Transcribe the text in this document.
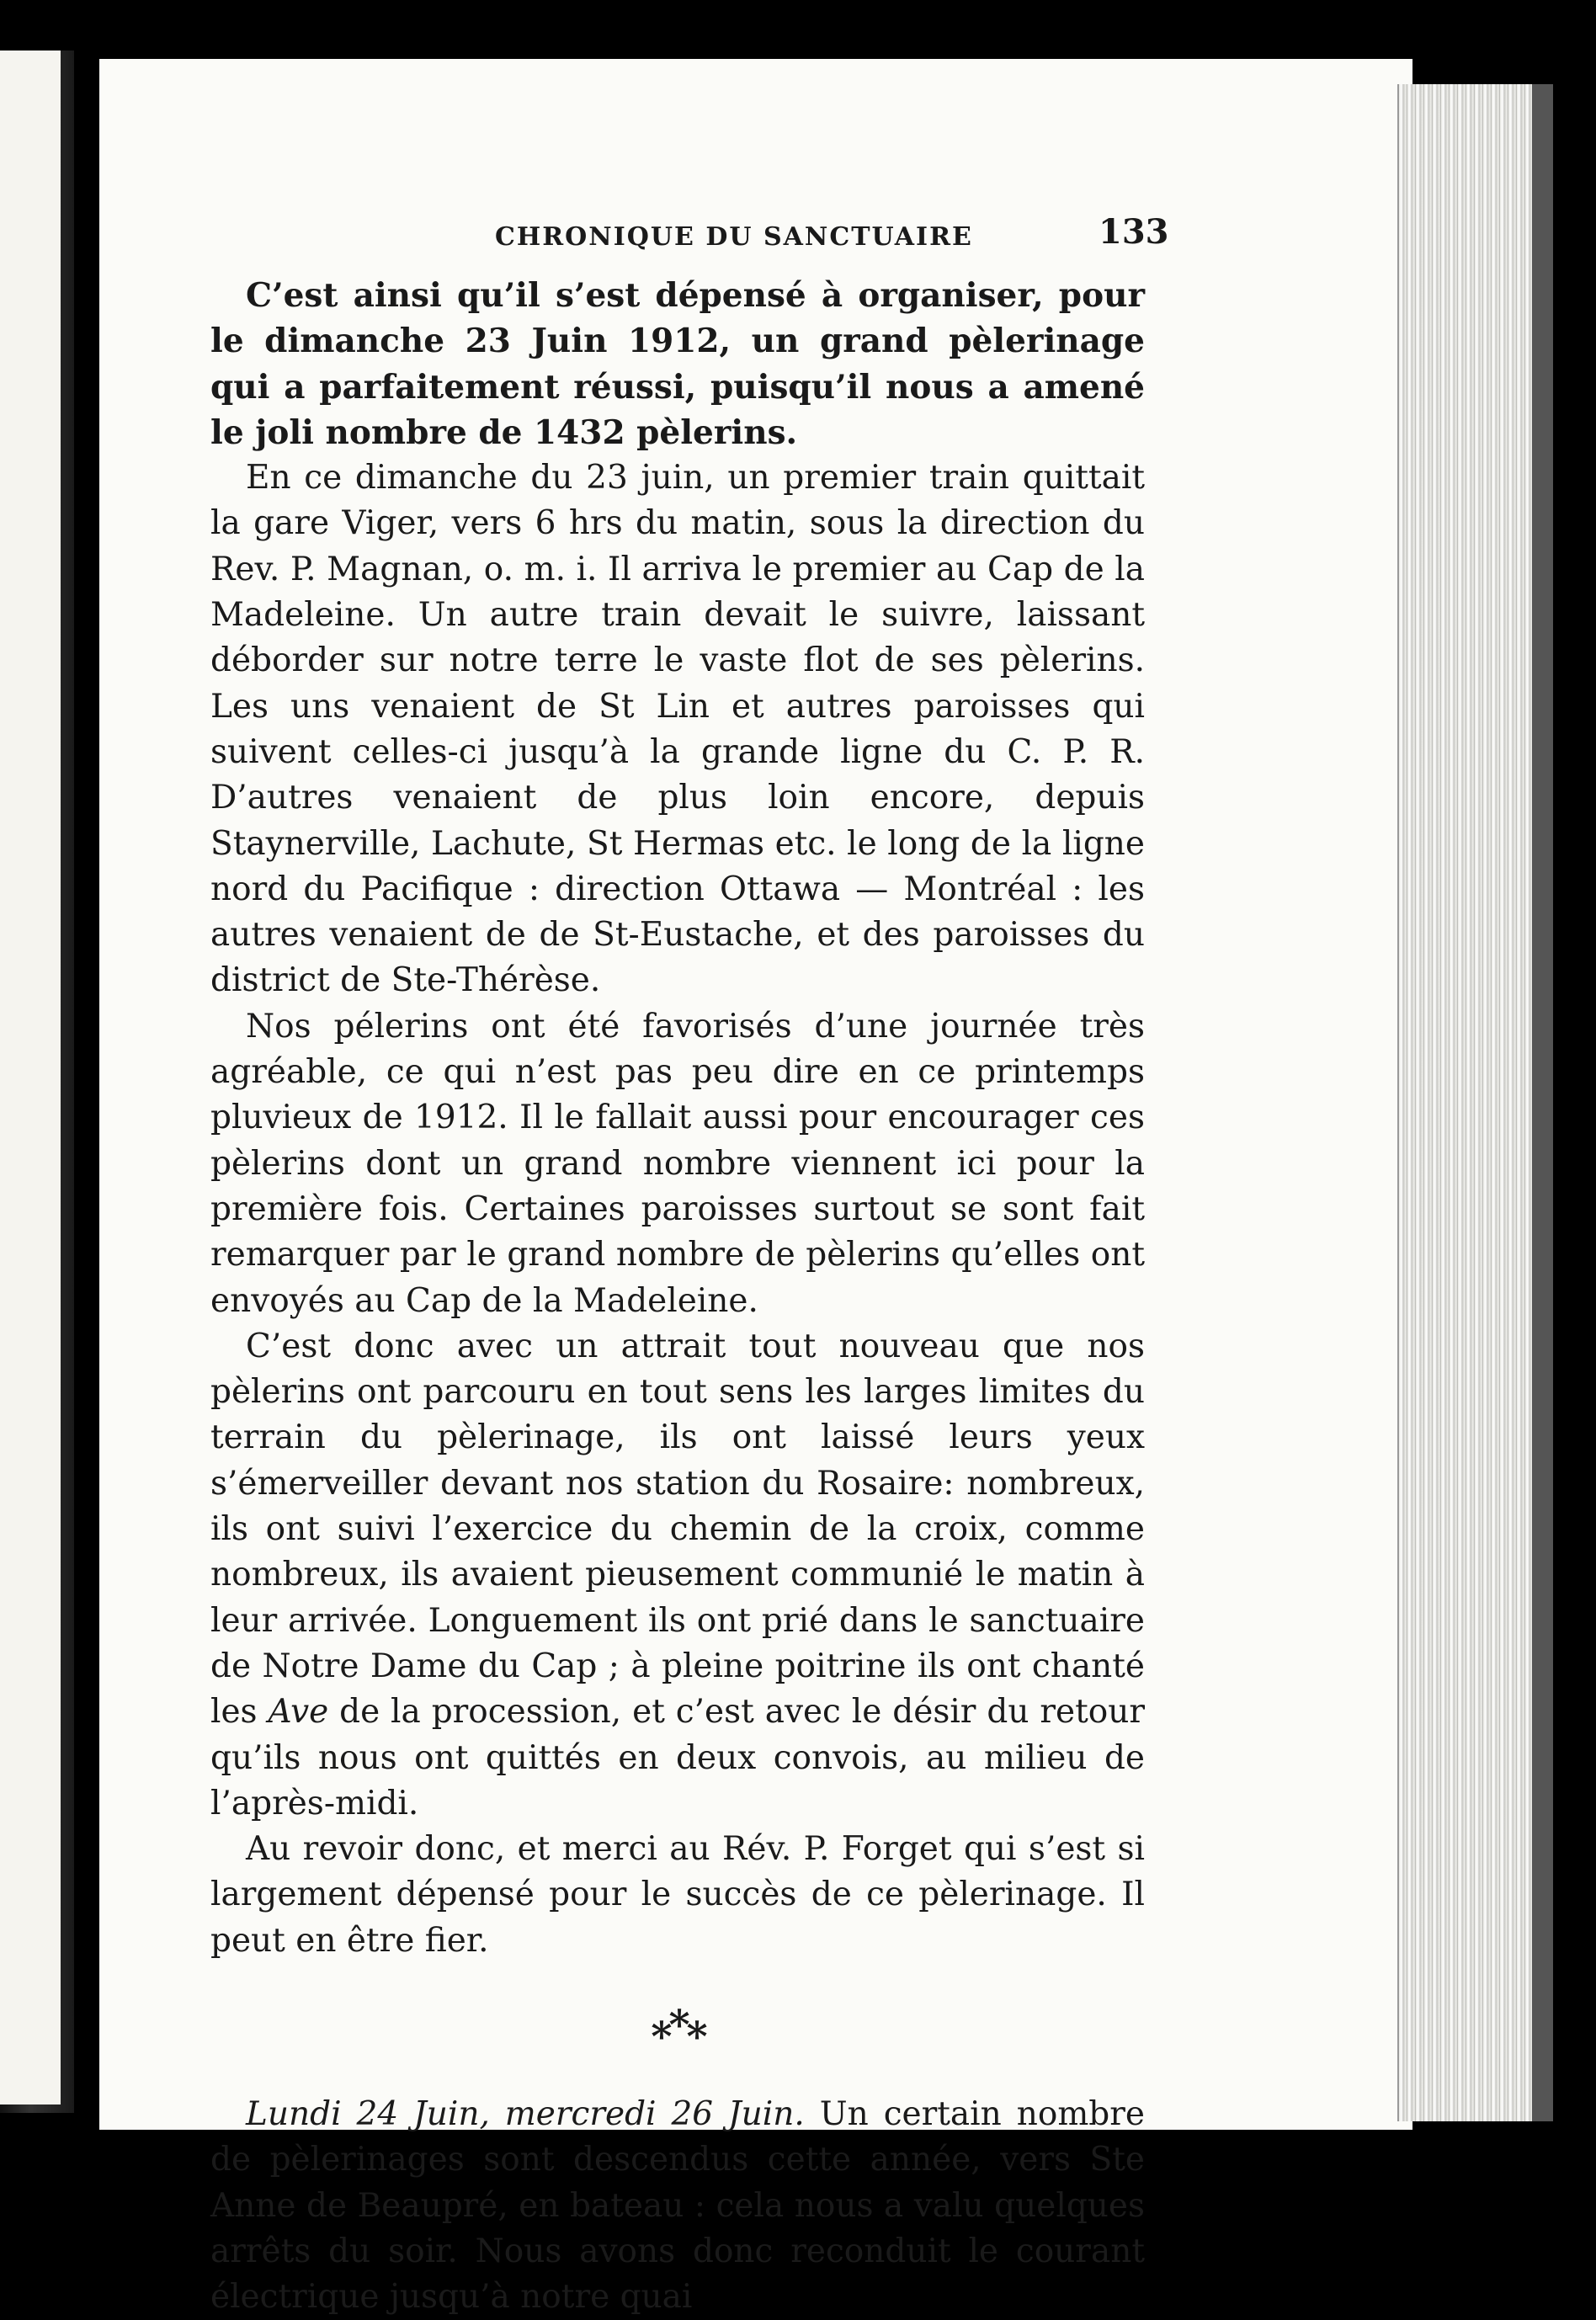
CHRONIQUE DU SANCTUAIRE	133

C’est ainsi qu’il s’est dépensé à organiser, pour le dimanche 23 Juin 1912, un grand pèlerinage qui a parfaitement réussi, puisqu’il nous a amené le joli nombre de 1432 pèlerins.

En ce dimanche du 23 juin, un premier train quittait la gare Viger, vers 6 hrs du matin, sous la direction du Rev. P. Magnan, o. m. i. Il arriva le premier au Cap de la Madeleine. Un autre train devait le suivre, laissant déborder sur notre terre le vaste flot de ses pèlerins. Les uns venaient de St Lin et autres paroisses qui suivent celles-ci jusqu’à la grande ligne du C. P. R. D’autres venaient de plus loin encore, depuis Staynerville, Lachute, St Hermas etc. le long de la ligne nord du Pacifique : direction Ottawa — Montréal : les autres venaient de de St-Eustache, et des paroisses du district de Ste-Thérèse.

Nos pélerins ont été favorisés d’une journée très agréable, ce qui n’est pas peu dire en ce printemps pluvieux de 1912. Il le fallait aussi pour encourager ces pèlerins dont un grand nombre viennent ici pour la première fois. Certaines paroisses surtout se sont fait remarquer par le grand nombre de pèlerins qu’elles ont envoyés au Cap de la Madeleine.

C’est donc avec un attrait tout nouveau que nos pèlerins ont parcouru en tout sens les larges limites du terrain du pèlerinage, ils ont laissé leurs yeux s’émerveiller devant nos station du Rosaire: nombreux, ils ont suivi l’exercice du chemin de la croix, comme nombreux, ils avaient pieusement communié le matin à leur arrivée. Longuement ils ont prié dans le sanctuaire de Notre Dame du Cap ; à pleine poitrine ils ont chanté les Ave de la procession, et c’est avec le désir du retour qu’ils nous ont quittés en deux convois, au milieu de l’après-midi.

Au revoir donc, et merci au Rév. P. Forget qui s’est si largement dépensé pour le succès de ce pèlerinage. Il peut en être fier.

***

Lundi 24 Juin, mercredi 26 Juin. Un certain nombre de pèlerinages sont descendus cette année, vers Ste Anne de Beaupré, en bateau : cela nous a valu quelques arrêts du soir. Nous avons donc reconduit le courant électrique jusqu’à notre quai
